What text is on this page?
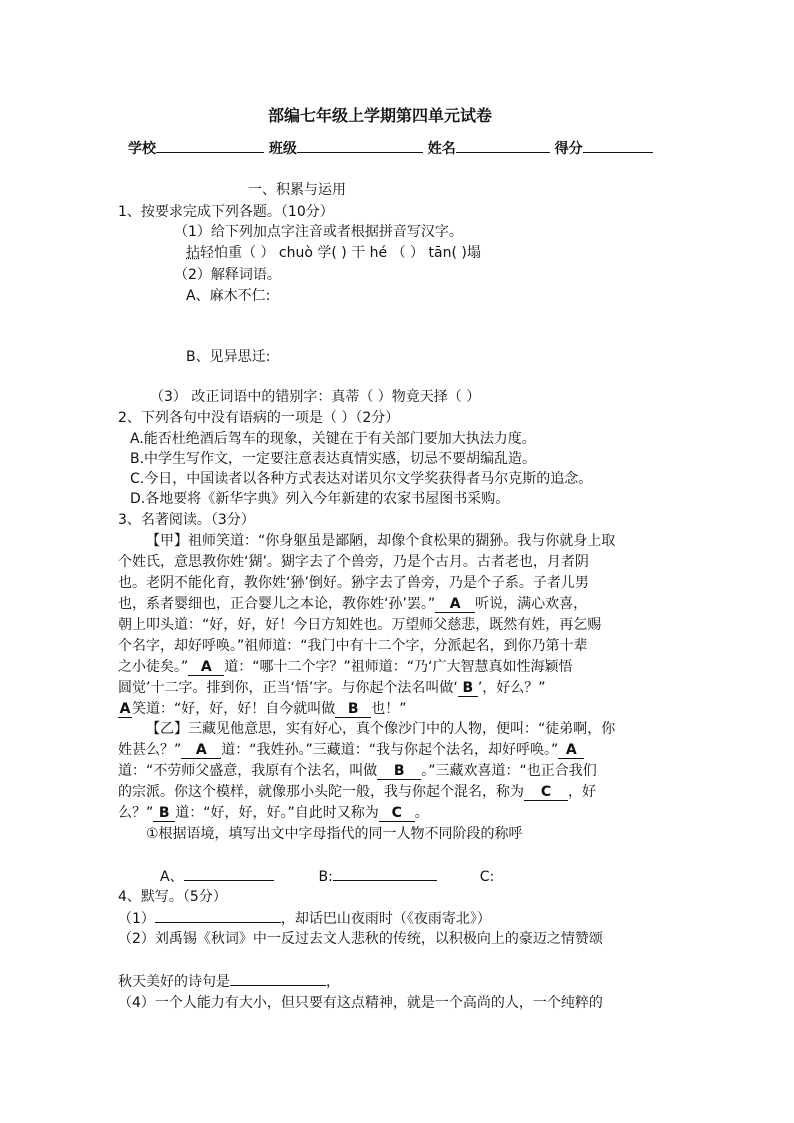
部编七年级上学期第四单元试卷
学校	班级	姓名	得分
一、积累与运用
1、按要求完成下列各题。（10分）
（1）给下列加点字注音或者根据拼音写汉字。
拈轻怕重（ ） chuò 学( ) 干 hé （ ） tān( )塌
（2）解释词语。
A、麻木不仁:
B、见异思迁:
（3） 改正词语中的错别字：真蒂（ ）物竟天择（ ）
2、下列各句中没有语病的一项是（ ）（2分）
A.能否杜绝酒后驾车的现象，关键在于有关部门要加大执法力度。
B.中学生写作文，一定要注意表达真情实感，切忌不要胡编乱造。
C.今日，中国读者以各种方式表达对诺贝尔文学奖获得者马尔克斯的追念。
D.各地要将《新华字典》列入今年新建的农家书屋图书采购。
3、名著阅读。（3分）
【甲】祖师笑道：“你身躯虽是鄙陋，却像个食松果的猢狲。我与你就身上取
个姓氏，意思教你姓‘猢’。猢字去了个兽旁，乃是个古月。古者老也，月者阴
也。老阴不能化育，教你姓‘狲’倒好。狲字去了兽旁，乃是个子系。子者儿男
也，系者婴细也，正合婴儿之本论，教你姓‘孙’罢。” A 听说，满心欢喜，
朝上叩头道：“好，好，好！今日方知姓也。万望师父慈悲，既然有姓，再乞赐
个名字，却好呼唤。”祖师道：“我门中有十二个字，分派起名，到你乃第十辈
之小徒矣。” A 道：“哪十二个字？”祖师道：“乃‘广大智慧真如性海颖悟
圆觉’十二字。排到你，正当‘悟’字。与你起个法名叫做‘ B ’，好么？”
A 笑道：“好，好，好！自今就叫做 B 也！”
【乙】三藏见他意思，实有好心，真个像沙门中的人物，便叫：“徒弟啊，你
姓甚么？” A 道：“我姓孙。”三藏道：“我与你起个法名，却好呼唤。” A
道：“不劳师父盛意，我原有个法名，叫做 B 。”三藏欢喜道：“也正合我们
的宗派。你这个模样，就像那小头陀一般，我与你起个混名，称为 C ，好
么？” B 道：“好，好，好。”自此时又称为 C 。
①根据语境，填写出文中字母指代的同一人物不同阶段的称呼
A、	B:	C:
4、默写。（5分）
（1）	，却话巴山夜雨时（《夜雨寄北》）
（2）刘禹锡《秋词》中一反过去文人悲秋的传统，以积极向上的豪迈之情赞颂
秋天美好的诗句是	，
（4）一个人能力有大小，但只要有这点精神，就是一个高尚的人，一个纯粹的
